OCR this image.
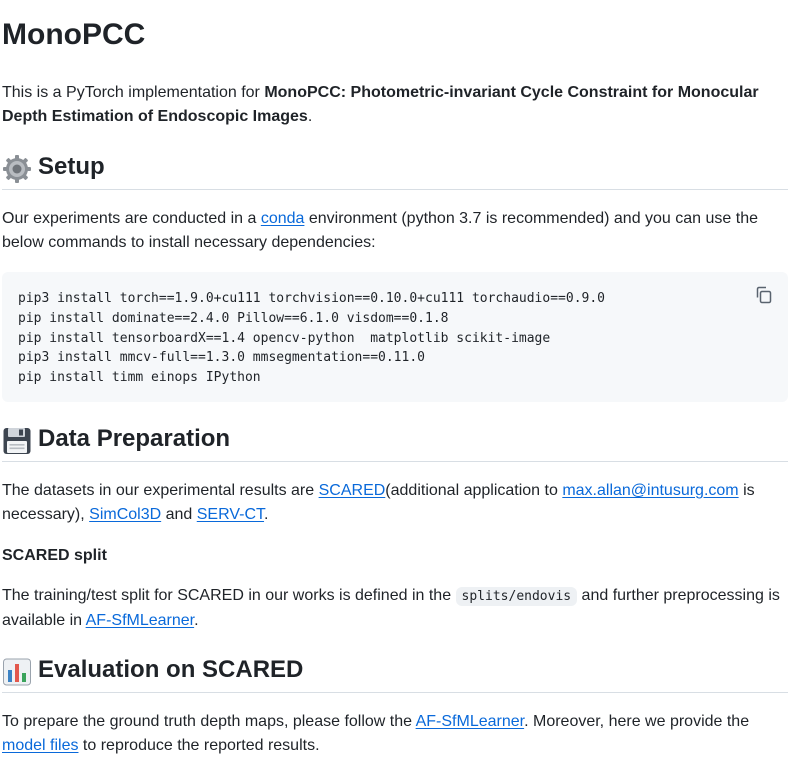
MonoPCC

This is a PyTorch implementation for MonoPCC: Photometric-invariant Cycle Constraint for Monocular Depth Estimation of Endoscopic Images.

Setup

Our experiments are conducted in a conda environment (python 3.7 is recommended) and you can use the below commands to install necessary dependencies:

pip3 install torch==1.9.0+cu111 torchvision==0.10.0+cu111 torchaudio==0.9.0
pip install dominate==2.4.0 Pillow==6.1.0 visdom==0.1.8
pip install tensorboardX==1.4 opencv-python  matplotlib scikit-image
pip3 install mmcv-full==1.3.0 mmsegmentation==0.11.0
pip install timm einops IPython
Data Preparation

The datasets in our experimental results are SCARED(additional application to max.allan@intusurg.com is necessary), SimCol3D and SERV-CT.

SCARED split

The training/test split for SCARED in our works is defined in the splits/endovis and further preprocessing is available in AF-SfMLearner.

Evaluation on SCARED

To prepare the ground truth depth maps, please follow the AF-SfMLearner. Moreover, here we provide the model files to reproduce the reported results.
